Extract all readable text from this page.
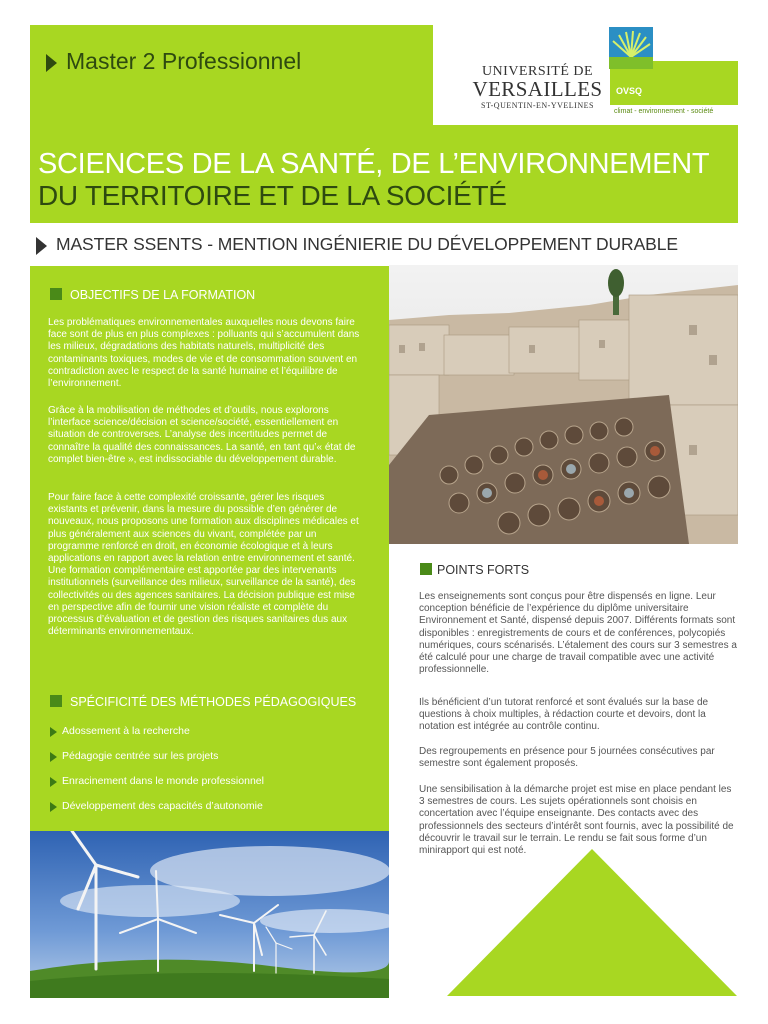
Master 2 Professionnel	UNIVERSITÉ DE
VERSAILLES
ST-QUENTIN-EN-YVELINES
OVSQ
climat - environnement - société
SCIENCES DE LA SANTÉ, DE L’ENVIRONNEMENT
DU TERRITOIRE ET DE LA SOCIÉTÉ
MASTER SSENTS - MENTION INGÉNIERIE DU DÉVELOPPEMENT DURABLE
OBJECTIFS DE LA FORMATION
Les problématiques environnementales auxquelles nous devons faire face sont de plus en plus complexes : polluants qui s’accumulent dans les milieux, dégradations des habitats naturels, multiplicité des contaminants toxiques, modes de vie et de consommation souvent en contradiction avec le respect de la santé humaine et l’équilibre de l’environnement.
Grâce à la mobilisation de méthodes et d’outils, nous explorons l’interface science/décision et science/société, essentiellement en situation de controverses. L’analyse des incertitudes permet de connaître la qualité des connaissances. La santé, en tant qu’« état de complet bien-être », est indissociable du développement durable.
Pour faire face à cette complexité croissante, gérer les risques existants et prévenir, dans la mesure du possible d’en générer de nouveaux, nous proposons une formation aux disciplines médicales et plus généralement aux sciences du vivant, complétée par un programme renforcé en droit, en économie écologique et à leurs applications en rapport avec la relation entre environnement et santé. Une formation complémentaire est apportée par des intervenants institutionnels (surveillance des milieux, surveillance de la santé), des collectivités ou des agences sanitaires. La décision publique est mise en perspective afin de fournir une vision réaliste et complète du processus d’évaluation et de gestion des risques sanitaires dus aux déterminants environnementaux.
SPÉCIFICITÉ DES MÉTHODES PÉDAGOGIQUES
Adossement à la recherche
Pédagogie centrée sur les projets
Enracinement dans le monde professionnel
Développement des capacités d’autonomie
POINTS FORTS
Les enseignements sont conçus pour être dispensés en ligne. Leur conception bénéficie de l’expérience du diplôme universitaire Environnement et Santé, dispensé depuis 2007. Différents formats sont disponibles : enregistrements de cours et de conférences, polycopiés numériques, cours scénarisés. L’étalement des cours sur 3 semestres a été calculé pour une charge de travail compatible avec une activité professionnelle.
Ils bénéficient d’un tutorat renforcé et sont évalués sur la base de questions à choix multiples, à rédaction courte et devoirs, dont la notation est intégrée au contrôle continu.
Des regroupements en présence pour 5 journées consécutives par semestre sont également proposés.
Une sensibilisation à la démarche projet est mise en place pendant les 3 semestres de cours. Les sujets opérationnels sont choisis en concertation avec l’équipe enseignante. Des contacts avec des professionnels des secteurs d’intérêt sont fournis, avec la possibilité de découvrir le travail sur le terrain. Le rendu se fait sous forme d’un minirapport qui est noté.
